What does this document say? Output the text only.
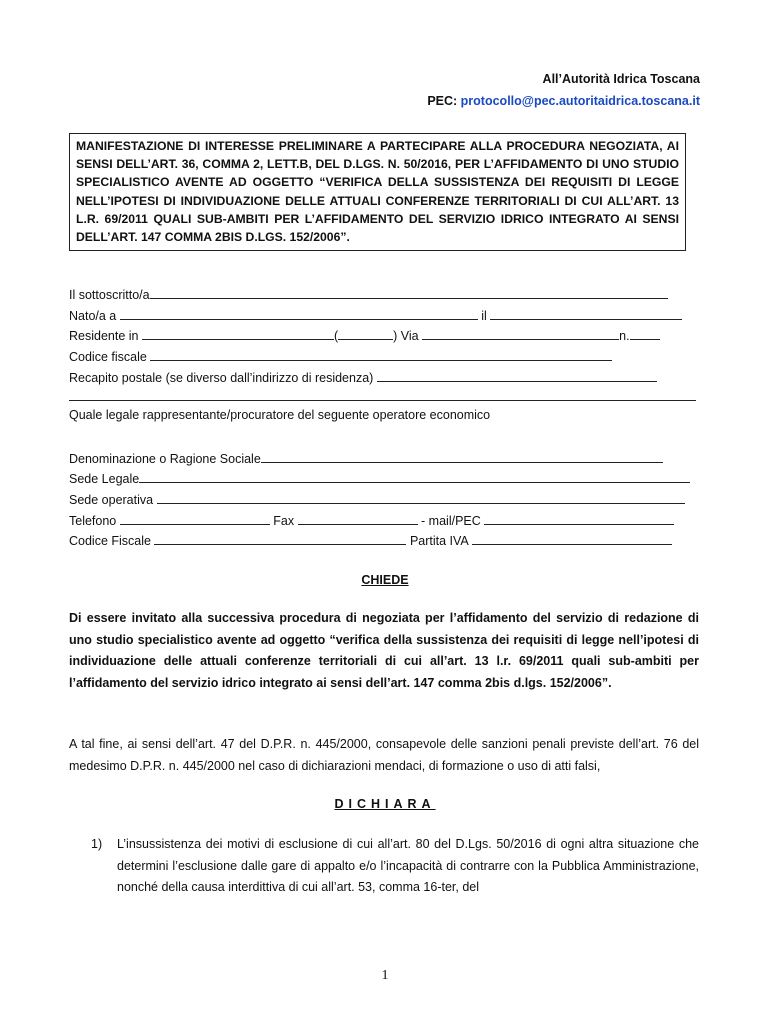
All’Autorità Idrica Toscana
PEC: protocollo@pec.autoritaidrica.toscana.it
MANIFESTAZIONE DI INTERESSE PRELIMINARE A PARTECIPARE ALLA PROCEDURA NEGOZIATA, AI SENSI DELL’ART. 36, COMMA 2, LETT.B, DEL D.LGS. N. 50/2016, PER L’AFFIDAMENTO DI UNO STUDIO SPECIALISTICO AVENTE AD OGGETTO “VERIFICA DELLA SUSSISTENZA DEI REQUISITI DI LEGGE NELL’IPOTESI DI INDIVIDUAZIONE DELLE ATTUALI CONFERENZE TERRITORIALI DI CUI ALL’ART. 13 L.R. 69/2011 QUALI SUB-AMBITI PER L’AFFIDAMENTO DEL SERVIZIO IDRICO INTEGRATO AI SENSI DELL’ART. 147 COMMA 2BIS D.LGS. 152/2006”.
Il sottoscritto/a
Nato/a a	il
Residente in	(	) Via	n.
Codice fiscale
Recapito postale (se diverso dall’indirizzo di residenza)
Quale legale rappresentante/procuratore del seguente operatore economico
Denominazione o Ragione Sociale
Sede Legale
Sede operativa
Telefono	Fax	- mail/PEC
Codice Fiscale	Partita IVA
CHIEDE
Di essere invitato alla successiva procedura di negoziata per l’affidamento del servizio di redazione di uno studio specialistico avente ad oggetto “verifica della sussistenza dei requisiti di legge nell’ipotesi di individuazione delle attuali conferenze territoriali di cui all’art. 13 l.r. 69/2011 quali sub-ambiti per l’affidamento del servizio idrico integrato ai sensi dell’art. 147 comma 2bis d.lgs. 152/2006”.
A tal fine, ai sensi dell’art. 47 del D.P.R. n. 445/2000, consapevole delle sanzioni penali previste dell’art. 76 del medesimo D.P.R. n. 445/2000 nel caso di dichiarazioni mendaci, di formazione o uso di atti falsi,
DICHIARA
1) L’insussistenza dei motivi di esclusione di cui all’art. 80 del D.Lgs. 50/2016 di ogni altra situazione che determini l’esclusione dalle gare di appalto e/o l’incapacità di contrarre con la Pubblica Amministrazione, nonché della causa interdittiva di cui all’art. 53, comma 16-ter, del
1
